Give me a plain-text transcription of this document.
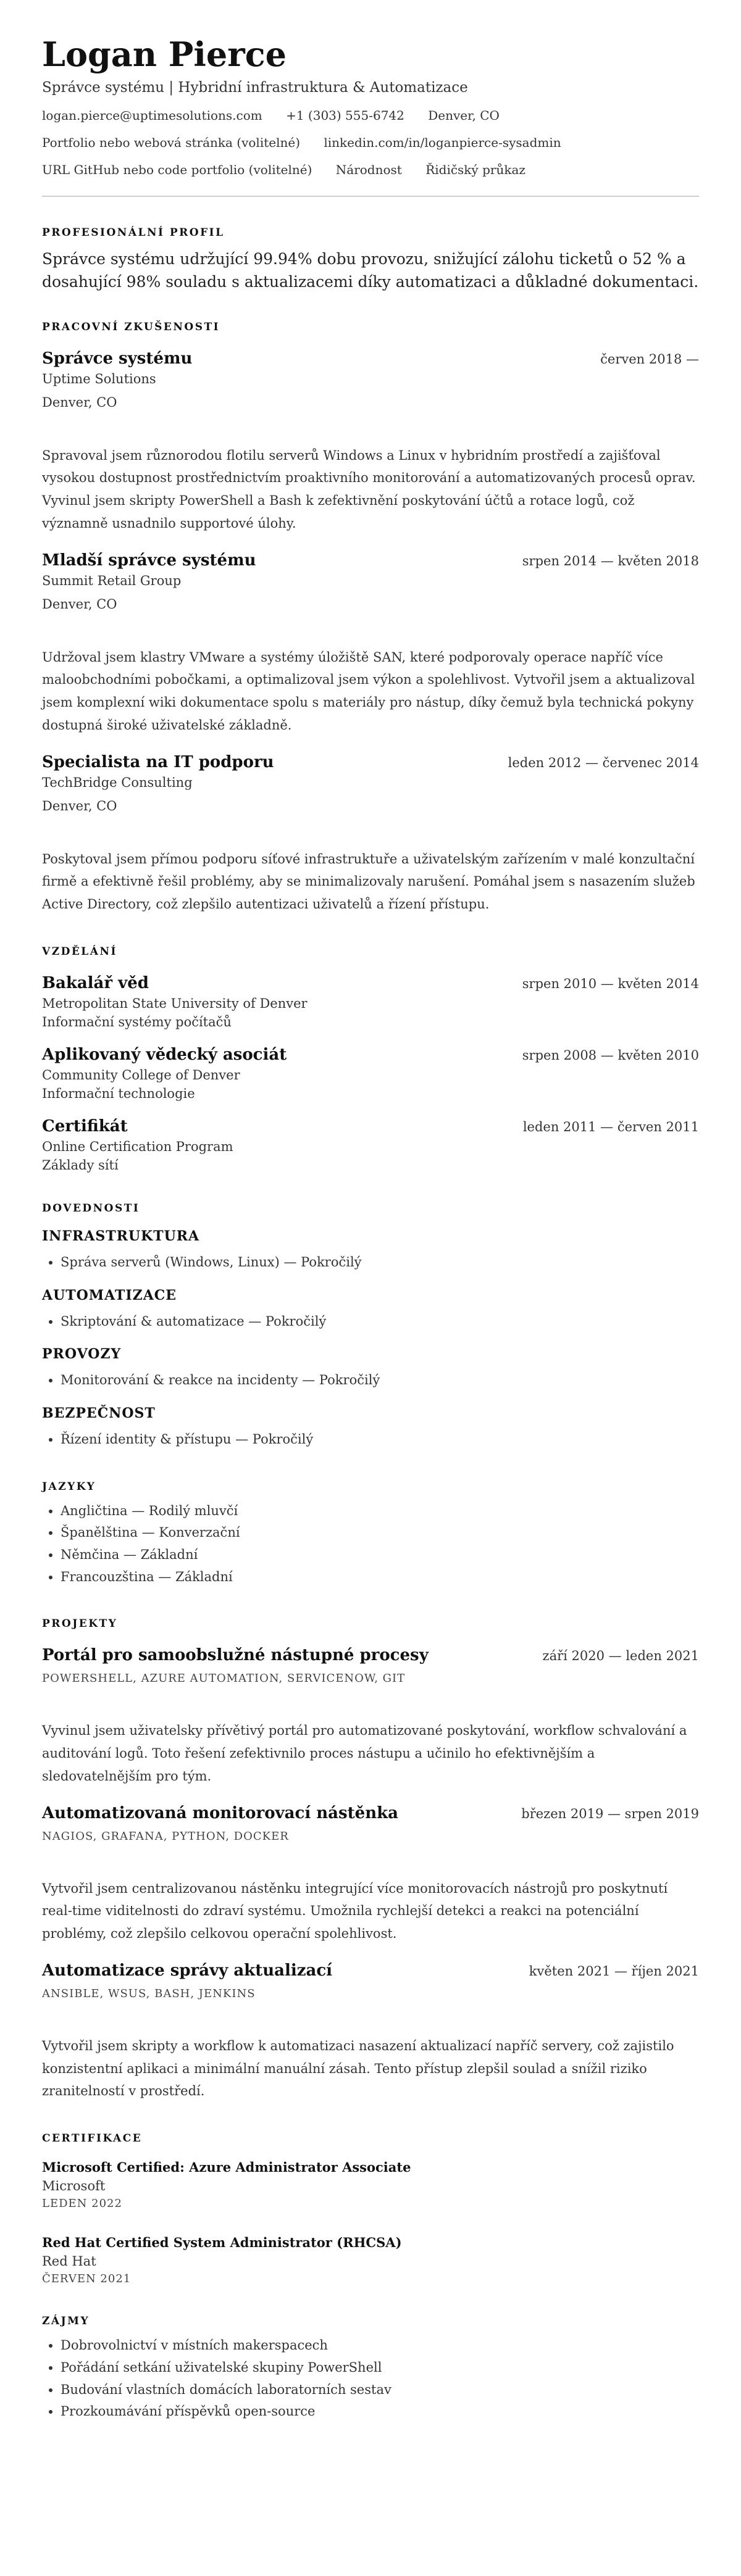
Logan Pierce
Správce systému | Hybridní infrastruktura & Automatizace
logan.pierce@uptimesolutions.com +1 (303) 555-6742 Denver, CO
Portfolio nebo webová stránka (volitelné) linkedin.com/in/loganpierce-sysadmin
URL GitHub nebo code portfolio (volitelné) Národnost Řidičský průkaz
PROFESIONÁLNÍ PROFIL
Správce systému udržující 99.94% dobu provozu, snižující zálohu ticketů o 52 % a dosahující 98% souladu s aktualizacemi díky automatizaci a důkladné dokumentaci.
PRACOVNÍ ZKUŠENOSTI
Správce systému	červen 2018 —
Uptime Solutions
Denver, CO
Spravoval jsem různorodou flotilu serverů Windows a Linux v hybridním prostředí a zajišťoval vysokou dostupnost prostřednictvím proaktivního monitorování a automatizovaných procesů oprav. Vyvinul jsem skripty PowerShell a Bash k zefektivnění poskytování účtů a rotace logů, což významně usnadnilo supportové úlohy.
Mladší správce systému	srpen 2014 — květen 2018
Summit Retail Group
Denver, CO
Udržoval jsem klastry VMware a systémy úložiště SAN, které podporovaly operace napříč více maloobchodními pobočkami, a optimalizoval jsem výkon a spolehlivost. Vytvořil jsem a aktualizoval jsem komplexní wiki dokumentace spolu s materiály pro nástup, díky čemuž byla technická pokyny dostupná široké uživatelské základně.
Specialista na IT podporu	leden 2012 — červenec 2014
TechBridge Consulting
Denver, CO
Poskytoval jsem přímou podporu síťové infrastruktuře a uživatelským zařízením v malé konzultační firmě a efektivně řešil problémy, aby se minimalizovaly narušení. Pomáhal jsem s nasazením služeb Active Directory, což zlepšilo autentizaci uživatelů a řízení přístupu.
VZDĚLÁNÍ
Bakalář věd	srpen 2010 — květen 2014
Metropolitan State University of Denver
Informační systémy počítačů
Aplikovaný vědecký asociát	srpen 2008 — květen 2010
Community College of Denver
Informační technologie
Certifikát	leden 2011 — červen 2011
Online Certification Program
Základy sítí
DOVEDNOSTI
INFRASTRUKTURA
• Správa serverů (Windows, Linux) — Pokročilý
AUTOMATIZACE
• Skriptování & automatizace — Pokročilý
PROVOZY
• Monitorování & reakce na incidenty — Pokročilý
BEZPEČNOST
• Řízení identity & přístupu — Pokročilý
JAZYKY
• Angličtina — Rodilý mluvčí
• Španělština — Konverzační
• Němčina — Základní
• Francouzština — Základní
PROJEKTY
Portál pro samoobslužné nástupné procesy	září 2020 — leden 2021
POWERSHELL, AZURE AUTOMATION, SERVICENOW, GIT
Vyvinul jsem uživatelsky přívětivý portál pro automatizované poskytování, workflow schvalování a auditování logů. Toto řešení zefektivnilo proces nástupu a učinilo ho efektivnějším a sledovatelnějším pro tým.
Automatizovaná monitorovací nástěnka	březen 2019 — srpen 2019
NAGIOS, GRAFANA, PYTHON, DOCKER
Vytvořil jsem centralizovanou nástěnku integrující více monitorovacích nástrojů pro poskytnutí real-time viditelnosti do zdraví systému. Umožnila rychlejší detekci a reakci na potenciální problémy, což zlepšilo celkovou operační spolehlivost.
Automatizace správy aktualizací	květen 2021 — říjen 2021
ANSIBLE, WSUS, BASH, JENKINS
Vytvořil jsem skripty a workflow k automatizaci nasazení aktualizací napříč servery, což zajistilo konzistentní aplikaci a minimální manuální zásah. Tento přístup zlepšil soulad a snížil riziko zranitelností v prostředí.
CERTIFIKACE
Microsoft Certified: Azure Administrator Associate
Microsoft
LEDEN 2022
Red Hat Certified System Administrator (RHCSA)
Red Hat
ČERVEN 2021
ZÁJMY
• Dobrovolnictví v místních makerspacech
• Pořádání setkání uživatelské skupiny PowerShell
• Budování vlastních domácích laboratorních sestav
• Prozkoumávání příspěvků open-source
